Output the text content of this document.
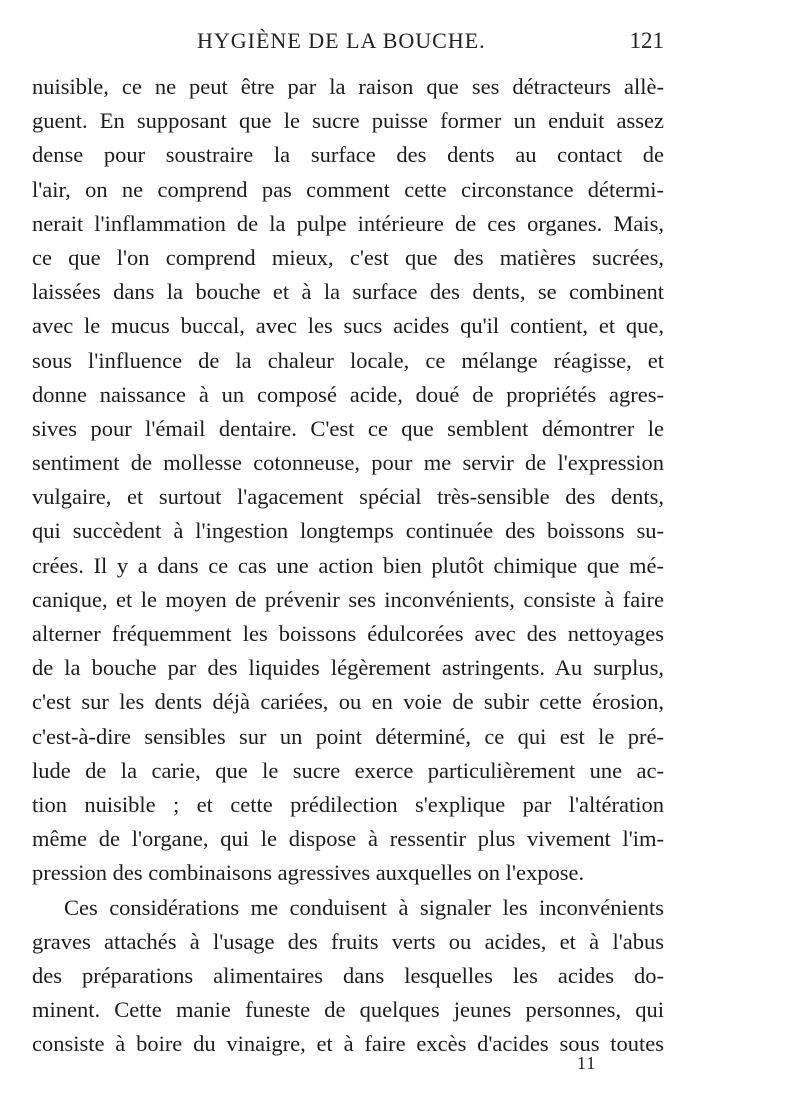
HYGIÈNE DE LA BOUCHE.	121
nuisible, ce ne peut être par la raison que ses détracteurs allè-
guent. En supposant que le sucre puisse former un enduit assez
dense pour soustraire la surface des dents au contact de
l'air, on ne comprend pas comment cette circonstance détermi-
nerait l'inflammation de la pulpe intérieure de ces organes. Mais,
ce que l'on comprend mieux, c'est que des matières sucrées,
laissées dans la bouche et à la surface des dents, se combinent
avec le mucus buccal, avec les sucs acides qu'il contient, et que,
sous l'influence de la chaleur locale, ce mélange réagisse, et
donne naissance à un composé acide, doué de propriétés agres-
sives pour l'émail dentaire. C'est ce que semblent démontrer le
sentiment de mollesse cotonneuse, pour me servir de l'expression
vulgaire, et surtout l'agacement spécial très-sensible des dents,
qui succèdent à l'ingestion longtemps continuée des boissons su-
crées. Il y a dans ce cas une action bien plutôt chimique que mé-
canique, et le moyen de prévenir ses inconvénients, consiste à faire
alterner fréquemment les boissons édulcorées avec des nettoyages
de la bouche par des liquides légèrement astringents. Au surplus,
c'est sur les dents déjà cariées, ou en voie de subir cette érosion,
c'est-à-dire sensibles sur un point déterminé, ce qui est le pré-
lude de la carie, que le sucre exerce particulièrement une ac-
tion nuisible ; et cette prédilection s'explique par l'altération
même de l'organe, qui le dispose à ressentir plus vivement l'im-
pression des combinaisons agressives auxquelles on l'expose.
Ces considérations me conduisent à signaler les inconvénients
graves attachés à l'usage des fruits verts ou acides, et à l'abus
des préparations alimentaires dans lesquelles les acides do-
minent. Cette manie funeste de quelques jeunes personnes, qui
consiste à boire du vinaigre, et à faire excès d'acides sous toutes
11
